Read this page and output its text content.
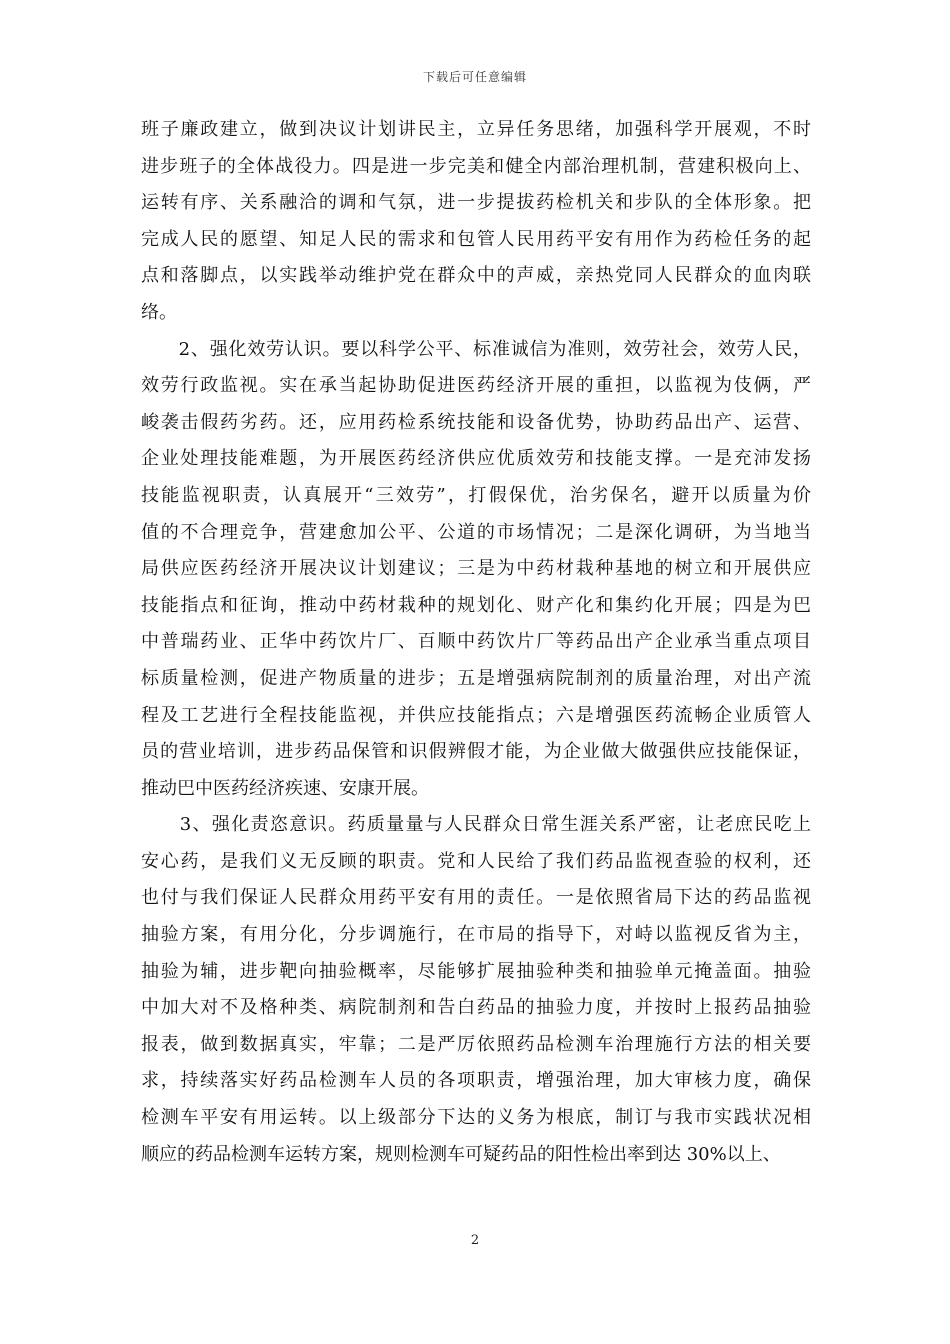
下载后可任意编辑
班子廉政建立，做到决议计划讲民主，立异任务思绪，加强科学开展观，不时
进步班子的全体战役力。四是进一步完美和健全内部治理机制，营建积极向上、
运转有序、关系融洽的调和气氛，进一步提拔药检机关和步队的全体形象。把
完成人民的愿望、知足人民的需求和包管人民用药平安有用作为药检任务的起
点和落脚点，以实践举动维护党在群众中的声威，亲热党同人民群众的血肉联
络。
　　2、强化效劳认识。要以科学公平、标准诚信为准则，效劳社会，效劳人民，
效劳行政监视。实在承当起协助促进医药经济开展的重担，以监视为伎俩，严
峻袭击假药劣药。还，应用药检系统技能和设备优势，协助药品出产、运营、
企业处理技能难题，为开展医药经济供应优质效劳和技能支撑。一是充沛发扬
技能监视职责，认真展开“三效劳”，打假保优，治劣保名，避开以质量为价
值的不合理竞争，营建愈加公平、公道的市场情况；二是深化调研，为当地当
局供应医药经济开展决议计划建议；三是为中药材栽种基地的树立和开展供应
技能指点和征询，推动中药材栽种的规划化、财产化和集约化开展；四是为巴
中普瑞药业、正华中药饮片厂、百顺中药饮片厂等药品出产企业承当重点项目
标质量检测，促进产物质量的进步；五是增强病院制剂的质量治理，对出产流
程及工艺进行全程技能监视，并供应技能指点；六是增强医药流畅企业质管人
员的营业培训，进步药品保管和识假辨假才能，为企业做大做强供应技能保证，
推动巴中医药经济疾速、安康开展。
　　3、强化责恣意识。药质量量与人民群众日常生涯关系严密，让老庶民吃上
安心药，是我们义无反顾的职责。党和人民给了我们药品监视查验的权利，还
也付与我们保证人民群众用药平安有用的责任。一是依照省局下达的药品监视
抽验方案，有用分化，分步调施行，在市局的指导下，对峙以监视反省为主，
抽验为辅，进步靶向抽验概率，尽能够扩展抽验种类和抽验单元掩盖面。抽验
中加大对不及格种类、病院制剂和告白药品的抽验力度，并按时上报药品抽验
报表，做到数据真实，牢靠；二是严厉依照药品检测车治理施行方法的相关要
求，持续落实好药品检测车人员的各项职责，增强治理，加大审核力度，确保
检测车平安有用运转。以上级部分下达的义务为根底，制订与我市实践状况相
顺应的药品检测车运转方案，规则检测车可疑药品的阳性检出率到达 30%以上、
2
